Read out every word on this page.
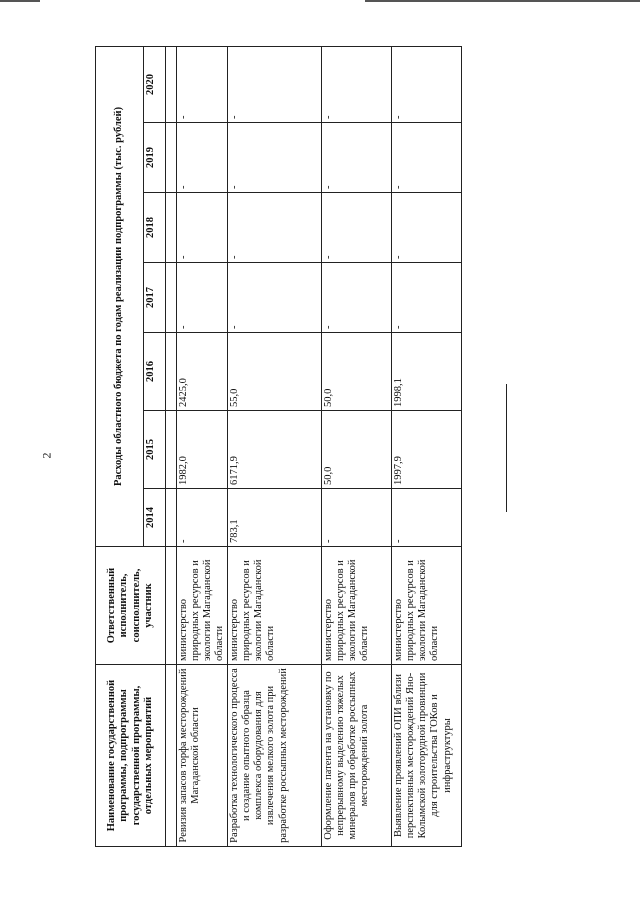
2
Наименование государственной программы, подпрограммы государственной программы, отдельных мероприятий	Ответственный исполнитель, соисполнитель, участник	Расходы областного бюджета по годам реализации подпрограммы (тыс. рублей)						
		2014	2015	2016	2017	2018	2019	2020

Ревизия запасов торфа месторождений Магаданской области	министерство природных ресурсов и экологии Магаданской области	-	1982,0	2425,0	-	-	-	-
Разработка технологического процесса и создание опытного образца комплекса оборудования для извлечения мелкого золота при разработке россыпных месторождений	министерство природных ресурсов и экологии Магаданской области	783,1	6171,9	55,0	-	-	-	-
Оформление патента на установку по непрерывному выделению тяжелых минералов при обработке россыпных месторождений золота	министерство природных ресурсов и экологии Магаданской области	-	50,0	50,0	-	-	-	-
Выявление проявлений ОПИ вблизи перспективных месторождений Яно-Колымской золоторудной провинции для строительства ГОКов и инфраструктуры	министерство природных ресурсов и экологии Магаданской области	-	1997,9	1998,1	-	-	-	-
